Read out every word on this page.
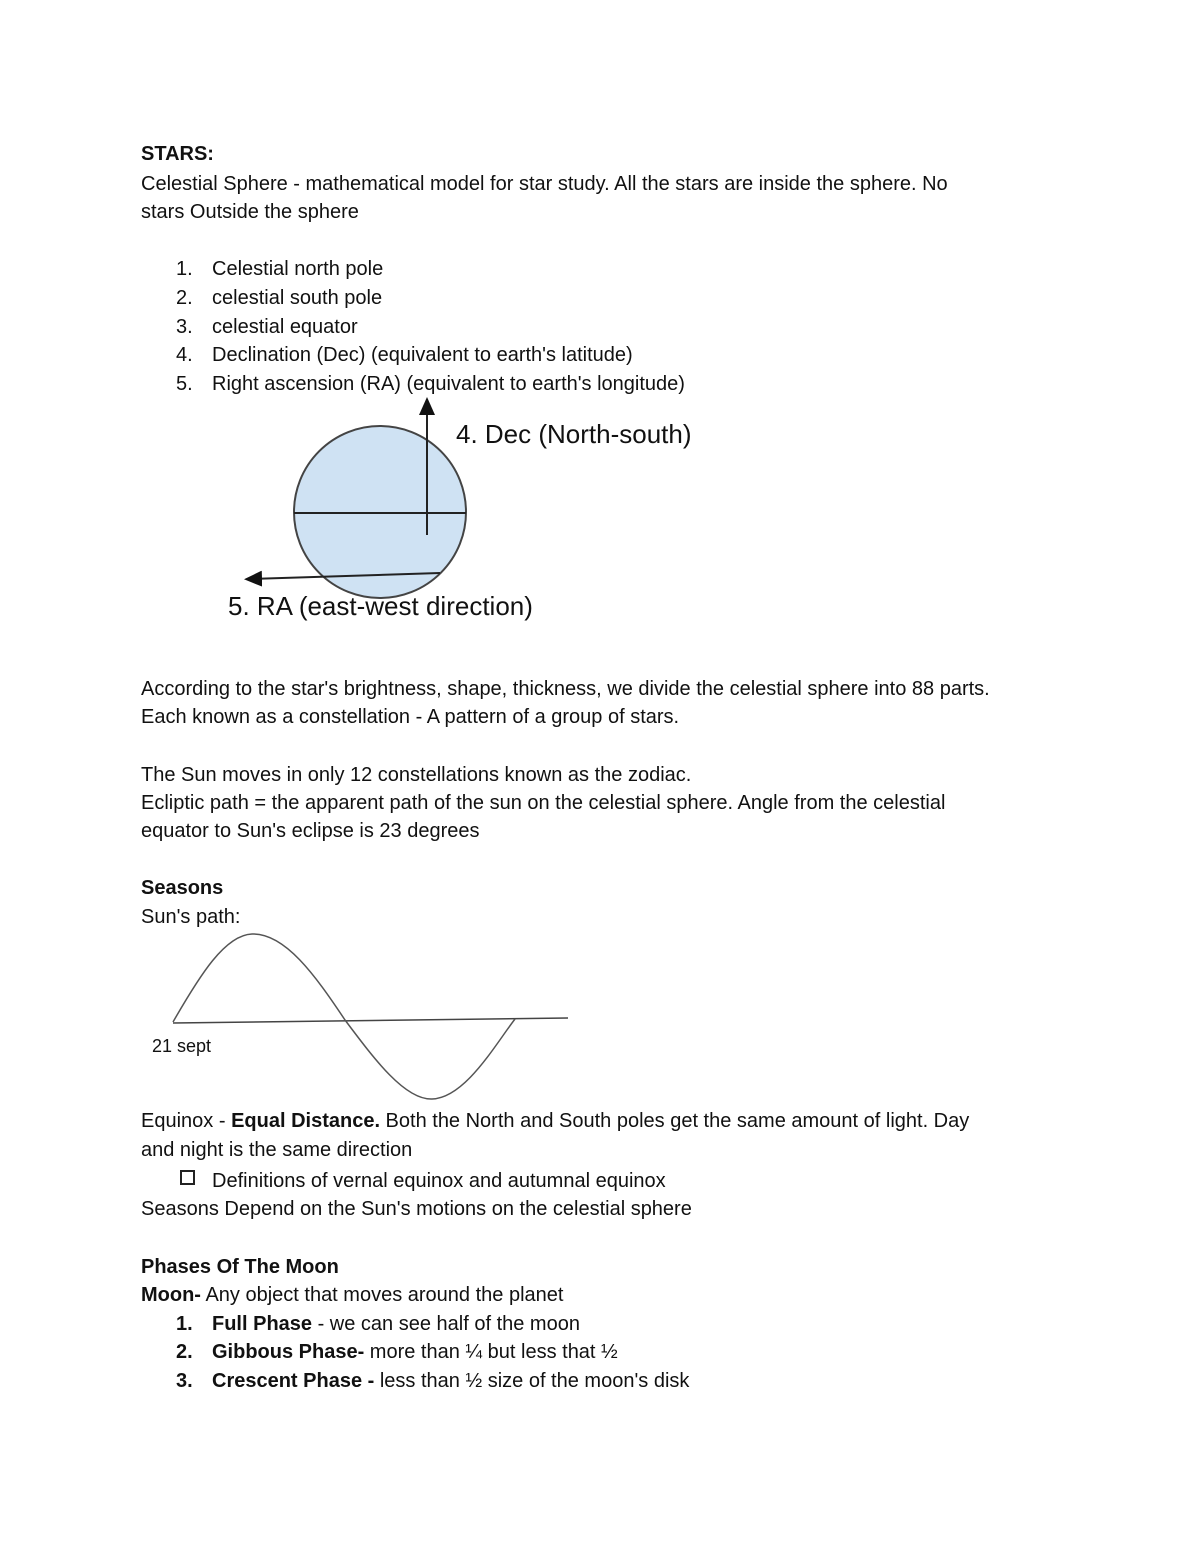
STARS:
Celestial Sphere - mathematical model for star study. All the stars are inside the sphere. No
stars Outside the sphere
1. Celestial north pole
2. celestial south pole
3. celestial equator
4. Declination (Dec) (equivalent to earth's latitude)
5. Right ascension (RA) (equivalent to earth's longitude)
4. Dec (North-south)
5. RA (east-west direction)
According to the star's brightness, shape, thickness, we divide the celestial sphere into 88 parts.
Each known as a constellation - A pattern of a group of stars.
The Sun moves in only 12 constellations known as the zodiac.
Ecliptic path = the apparent path of the sun on the celestial sphere. Angle from the celestial
equator to Sun's eclipse is 23 degrees
Seasons
Sun's path:
21 sept
Equinox - Equal Distance. Both the North and South poles get the same amount of light. Day
and night is the same direction
Definitions of vernal equinox and autumnal equinox
Seasons Depend on the Sun's motions on the celestial sphere
Phases Of The Moon
Moon- Any object that moves around the planet
1. Full Phase - we can see half of the moon
2. Gibbous Phase- more than ¼ but less that ½
3. Crescent Phase - less than ½ size of the moon's disk
